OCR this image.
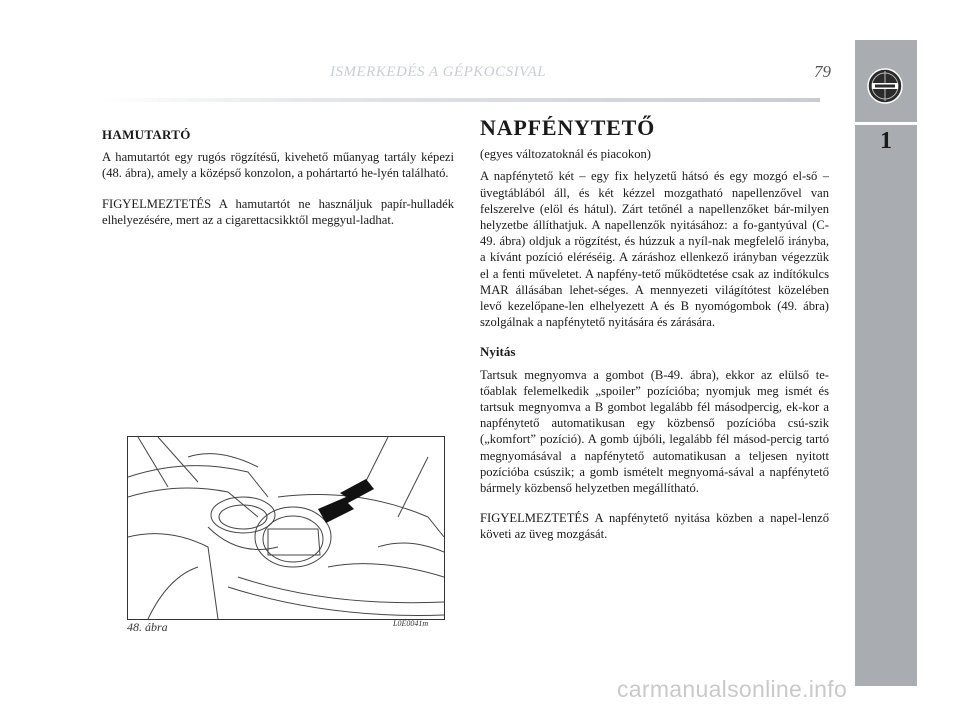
ISMERKEDÉS A GÉPKOCSIVAL	79
1
HAMUTARTÓ

A hamutartót egy rugós rögzítésű, kivehető műanyag tartály képezi (48. ábra), amely a középső konzolon, a pohártartó he-lyén található.

FIGYELMEZTETÉS A hamutartót ne használjuk papír-hulladék elhelyezésére, mert az a cigarettacsikktől meggyul-ladhat.

L0E0041m
48. ábra
NAPFÉNYTETŐ

(egyes változatoknál és piacokon)

A napfénytető két – egy fix helyzetű hátsó és egy mozgó el-ső – üvegtáblából áll, és két kézzel mozgatható napellenzővel van felszerelve (elöl és hátul). Zárt tetőnél a napellenzőket bár-milyen helyzetbe állíthatjuk. A napellenzők nyitásához: a fo-gantyúval (C-49. ábra) oldjuk a rögzítést, és húzzuk a nyíl-nak megfelelő irányba, a kívánt pozíció eléréséig. A záráshoz ellenkező irányban végezzük el a fenti műveletet. A napfény-tető működtetése csak az indítókulcs MAR állásában lehet-séges. A mennyezeti világítótest közelében levő kezelőpane-len elhelyezett A és B nyomógombok (49. ábra) szolgálnak a napfénytető nyitására és zárására.

Nyitás

Tartsuk megnyomva a gombot (B-49. ábra), ekkor az elülső te-tőablak felemelkedik „spoiler” pozícióba; nyomjuk meg ismét és tartsuk megnyomva a B gombot legalább fél másodpercig, ek-kor a napfénytető automatikusan egy közbenső pozícióba csú-szik („komfort” pozíció). A gomb újbóli, legalább fél másod-percig tartó megnyomásával a napfénytető automatikusan a teljesen nyitott pozícióba csúszik; a gomb ismételt megnyomá-sával a napfénytető bármely közbenső helyzetben megállítható.

FIGYELMEZTETÉS A napfénytető nyitása közben a napel-lenző követi az üveg mozgását.

carmanualsonline.info
